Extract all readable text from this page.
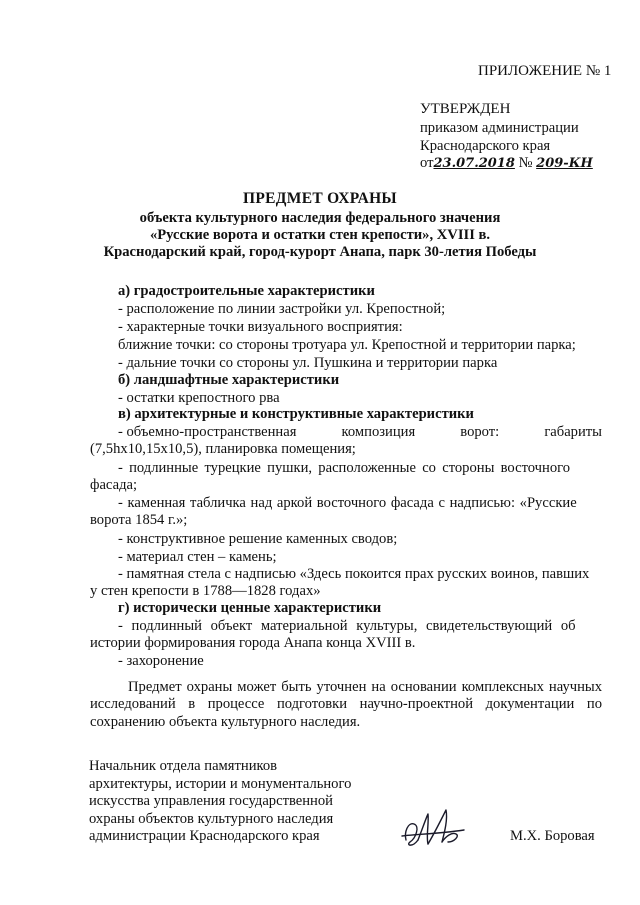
ПРИЛОЖЕНИЕ № 1
УТВЕРЖДЕН
приказом администрации
Краснодарского края
от23.07.2018 № 209-КН
ПРЕДМЕТ ОХРАНЫ
объекта культурного наследия федерального значения
«Русские ворота и остатки стен крепости», XVIII в.
Краснодарский край, город-курорт Анапа, парк 30-летия Победы
а) градостроительные характеристики
- расположение по линии застройки ул. Крепостной;
- характерные точки визуального восприятия:
ближние точки: со стороны тротуара ул. Крепостной и территории парка;
- дальние точки со стороны ул. Пушкина и территории парка
б) ландшафтные характеристики
- остатки крепостного рва
в) архитектурные и конструктивные характеристики
- объемно-пространственная	композиция	ворот:	габариты
(7,5hх10,15х10,5), планировка помещения;
- подлинные турецкие пушки, расположенные со стороны восточного
фасада;
- каменная табличка над аркой восточного фасада с надписью: «Русские
ворота 1854 г.»;
- конструктивное решение каменных сводов;
- материал стен – камень;
- памятная стела с надписью «Здесь покоится прах русских воинов, павших
у стен крепости в 1788—1828 годах»
г) исторически ценные характеристики
- подлинный объект материальной культуры, свидетельствующий об
истории формирования города Анапа конца XVIII в.
- захоронение
Предмет охраны может быть уточнен на основании комплексных научных исследований в процессе подготовки научно-проектной документации по сохранению объекта культурного наследия.
Начальник отдела памятников
архитектуры, истории и монументального
искусства управления государственной
охраны объектов культурного наследия
администрации Краснодарского края	М.Х. Боровая
